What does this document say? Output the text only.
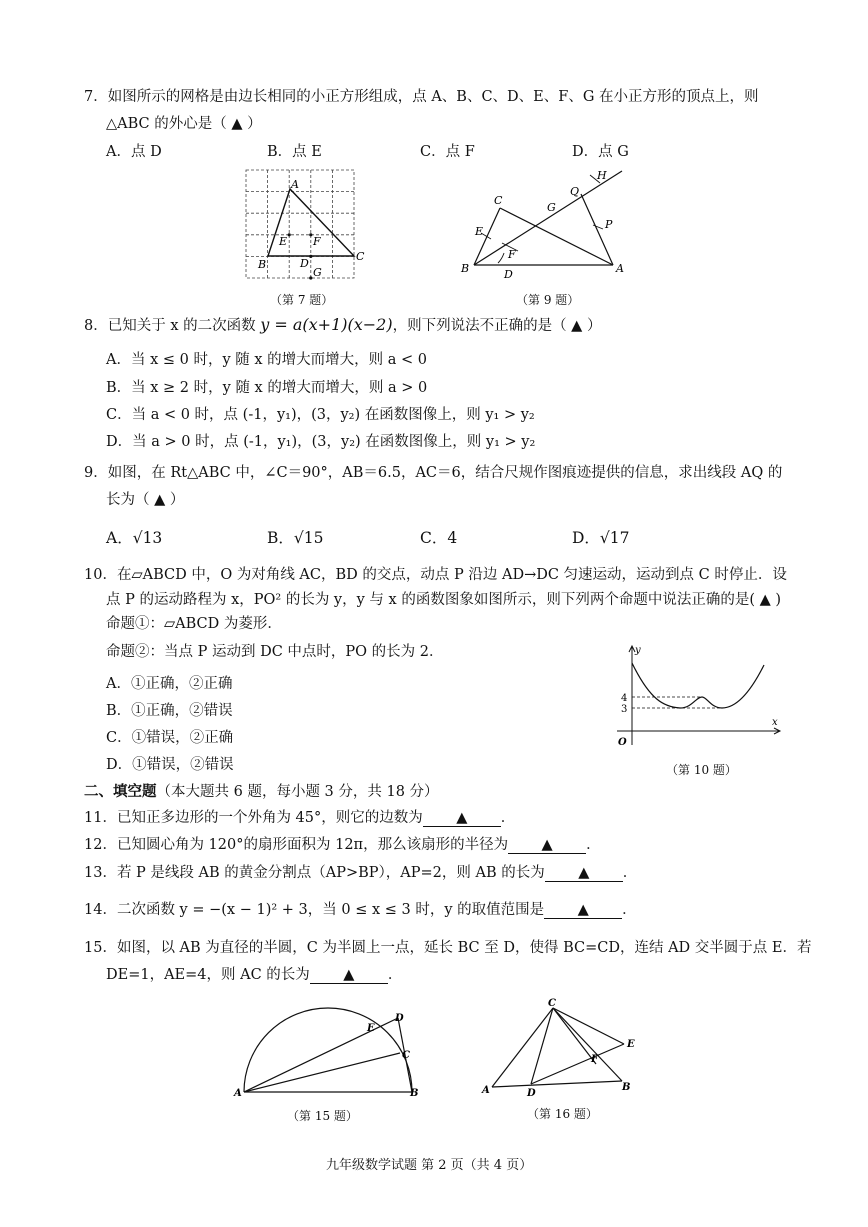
7．如图所示的网格是由边长相同的小正方形组成，点 A、B、C、D、E、F、G 在小正方形的顶点上，则
△ABC 的外心是（ ▲ ）
A．点 D	B．点 E	C．点 F	D．点 G
A
B
C
D
E F
G
（第 7 题）
A
B
C
D
E
F
G
H
P
Q
（第 9 题）
8．已知关于 x 的二次函数 y = a(x+1)(x−2)，则下列说法不正确的是（ ▲ ）
A．当 x ≤ 0 时，y 随 x 的增大而增大，则 a < 0
B．当 x ≥ 2 时，y 随 x 的增大而增大，则 a > 0
C．当 a < 0 时，点 (-1，y₁)，(3，y₂) 在函数图像上，则 y₁ > y₂
D．当 a > 0 时，点 (-1，y₁)，(3，y₂) 在函数图像上，则 y₁ > y₂
9．如图，在 Rt△ABC 中，∠C＝90°，AB＝6.5，AC＝6，结合尺规作图痕迹提供的信息，求出线段 AQ 的
长为（ ▲ ）
A．√13	B．√15	C．4	D．√17
10．在▱ABCD 中，O 为对角线 AC，BD 的交点，动点 P 沿边 AD→DC 匀速运动，运动到点 C 时停止．设
点 P 的运动路程为 x，PO² 的长为 y，y 与 x 的函数图象如图所示，则下列两个命题中说法正确的是( ▲ )
命题①：▱ABCD 为菱形．
命题②：当点 P 运动到 DC 中点时，PO 的长为 2．
A．①正确，②正确
B．①正确，②错误
C．①错误，②正确
D．①错误，②错误
y
x
O
4
3
（第 10 题）
二、填空题（本大题共 6 题，每小题 3 分，共 18 分）
11．已知正多边形的一个外角为 45°，则它的边数为 ▲ ．
12．已知圆心角为 120°的扇形面积为 12π，那么该扇形的半径为 ▲ ．
13．若 P 是线段 AB 的黄金分割点（AP>BP），AP=2，则 AB 的长为 ▲ ．
14．二次函数 y = −(x − 1)² + 3，当 0 ≤ x ≤ 3 时，y 的取值范围是 ▲ ．
15．如图，以 AB 为直径的半圆，C 为半圆上一点，延长 BC 至 D，使得 BC=CD，连结 AD 交半圆于点 E．若
DE=1，AE=4，则 AC 的长为 ▲ ．
A	B
C
D
E
（第 15 题）
A	B
C
D
E
F
（第 16 题）
九年级数学试题 第 2 页（共 4 页）
